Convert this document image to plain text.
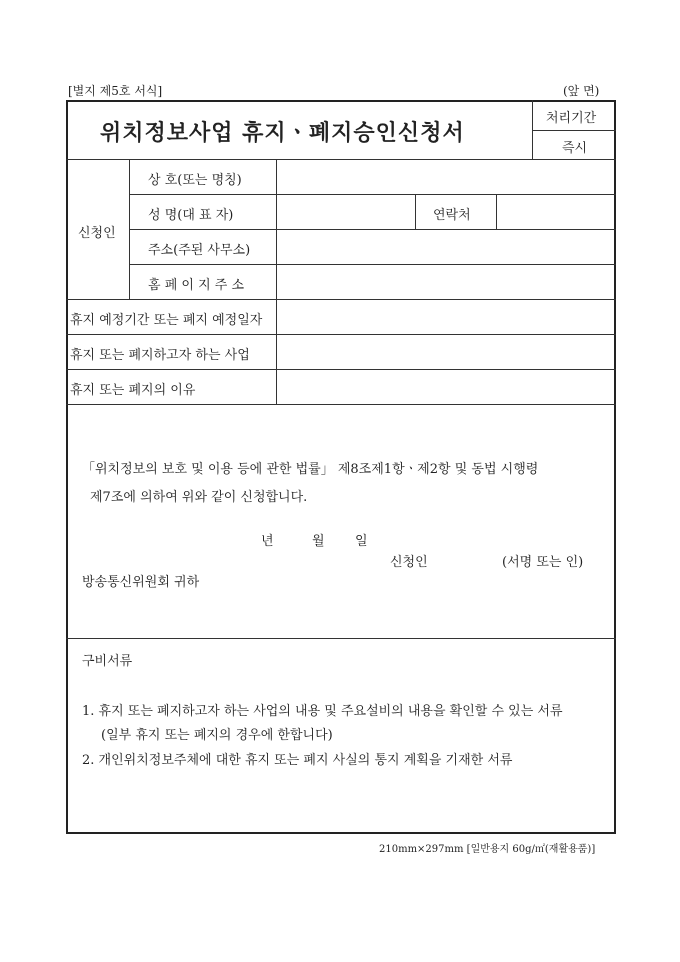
[별지 제5호 서식]	(앞 면)
위치정보사업 휴지ㆍ폐지승인신청서
처리기간
즉시
신청인
상 호(또는 명칭)
성 명(대 표 자)	연락처
주소(주된 사무소)
홈 페 이 지 주 소
휴지 예정기간 또는 폐지 예정일자
휴지 또는 폐지하고자 하는 사업
휴지 또는 폐지의 이유
「위치정보의 보호 및 이용 등에 관한 법률」 제8조제1항ㆍ제2항 및 동법 시행령
제7조에 의하여 위와 같이 신청합니다.
년	월 일
신청인	(서명 또는 인)
방송통신위원회 귀하
구비서류
1. 휴지 또는 폐지하고자 하는 사업의 내용 및 주요설비의 내용을 확인할 수 있는 서류
(일부 휴지 또는 폐지의 경우에 한합니다)
2. 개인위치정보주체에 대한 휴지 또는 폐지 사실의 통지 계획을 기재한 서류
210mm×297mm [일반용지 60g/㎡(재활용품)]
